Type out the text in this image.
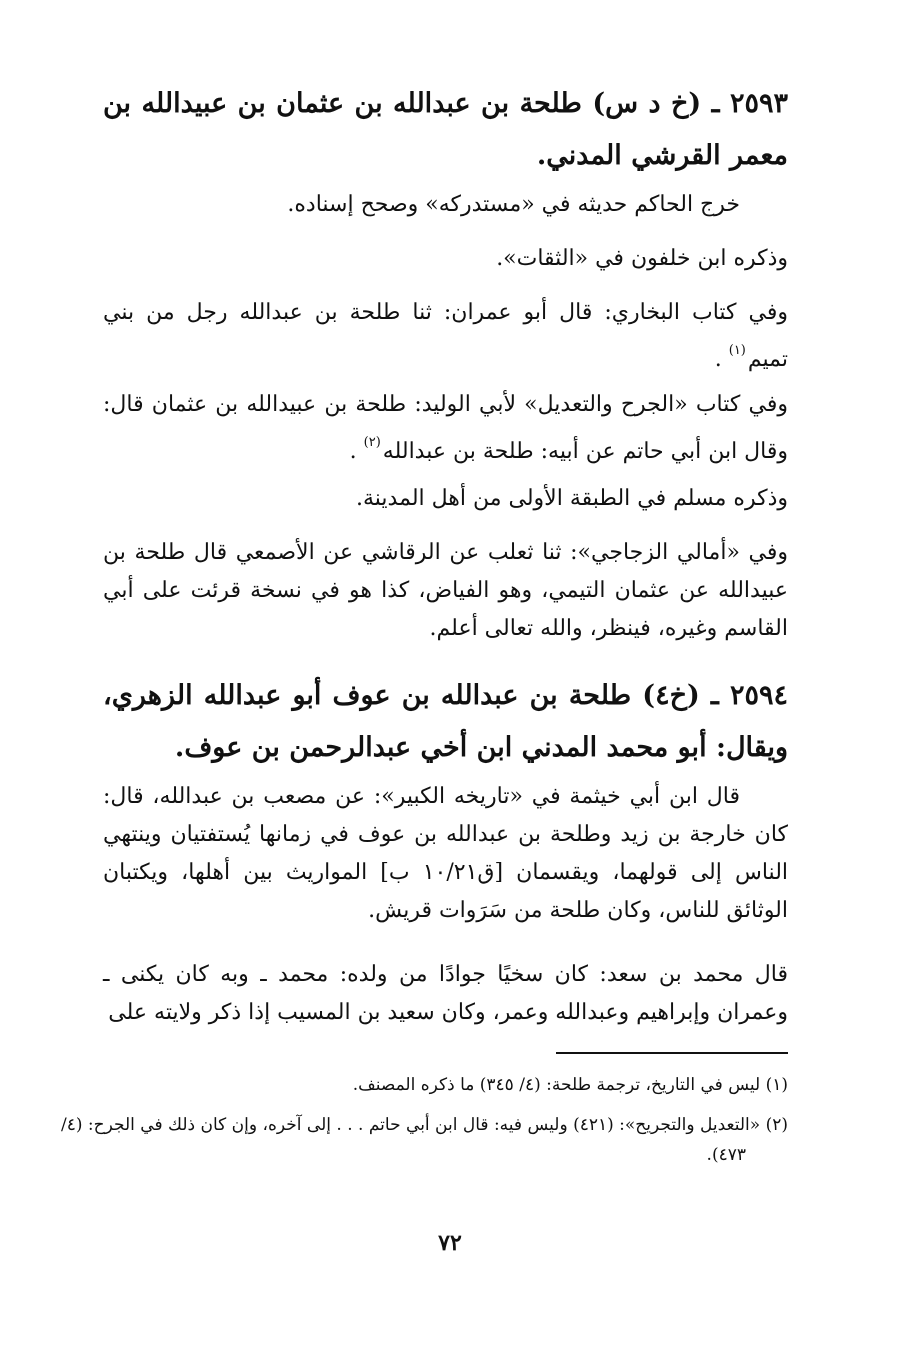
٢٥٩٣ ـ (خ د س) طلحة بن عبدالله بن عثمان بن عبيدالله بن معمر القرشي المدني.
خرج الحاكم حديثه في «مستدركه» وصحح إسناده.
وذكره ابن خلفون في «الثقات».
وفي كتاب البخاري: قال أبو عمران: ثنا طلحة بن عبدالله رجل من بني تميم$^{(١)}$ .
وفي كتاب «الجرح والتعديل» لأبي الوليد: طلحة بن عبيدالله بن عثمان قال: وقال ابن أبي حاتم عن أبيه: طلحة بن عبدالله$^{(٢)}$ .
وذكره مسلم في الطبقة الأولى من أهل المدينة.
وفي «أمالي الزجاجي»: ثنا ثعلب عن الرقاشي عن الأصمعي قال طلحة بن عبيدالله عن عثمان التيمي، وهو الفياض، كذا هو في نسخة قرئت على أبي القاسم وغيره، فينظر، والله تعالى أعلم.
٢٥٩٤ ـ (خ٤) طلحة بن عبدالله بن عوف أبو عبدالله الزهري، ويقال: أبو محمد المدني ابن أخي عبدالرحمن بن عوف.
قال ابن أبي خيثمة في «تاريخه الكبير»: عن مصعب بن عبدالله، قال: كان خارجة بن زيد وطلحة بن عبدالله بن عوف في زمانها يُستفتيان وينتهي الناس إلى قولهما، ويقسمان [ق١٠/٢١ ب] المواريث بين أهلها، ويكتبان الوثائق للناس، وكان طلحة من سَرَوات قريش.
قال محمد بن سعد: كان سخيًا جوادًا من ولده: محمد ـ وبه كان يكنى ـ وعمران وإبراهيم وعبدالله وعمر، وكان سعيد بن المسيب إذا ذكر ولايته على
(١) ليس في التاريخ، ترجمة طلحة: (٤/ ٣٤٥) ما ذكره المصنف.
(٢) «التعديل والتجريح»: (٤٢١) وليس فيه: قال ابن أبي حاتم . . . إلى آخره، وإن كان ذلك في الجرح: (٤/ ٤٧٣).
٧٢
